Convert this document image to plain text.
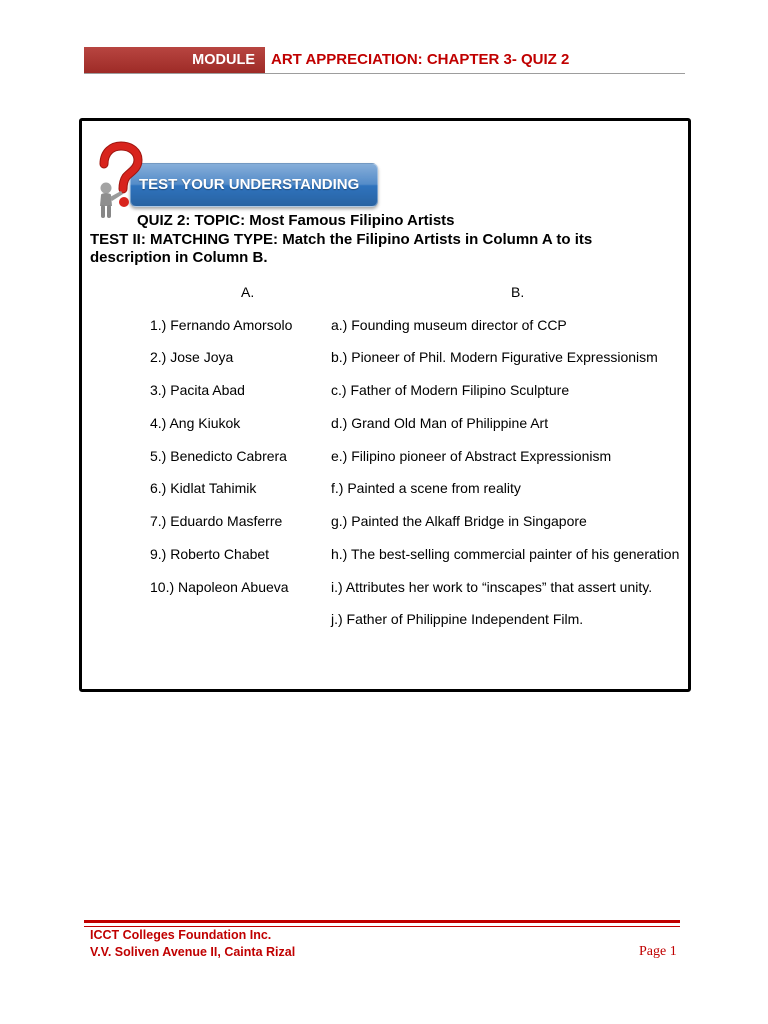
MODULE ART APPRECIATION: CHAPTER 3- QUIZ 2
TEST YOUR UNDERSTANDING
QUIZ 2: TOPIC: Most Famous Filipino Artists
TEST II: MATCHING TYPE: Match the Filipino Artists in Column A to its
description in Column B.
A.	B.
1.) Fernando Amorsolo
2.) Jose Joya
3.) Pacita Abad
4.) Ang Kiukok
5.) Benedicto Cabrera
6.) Kidlat Tahimik
7.) Eduardo Masferre
9.) Roberto Chabet
10.) Napoleon Abueva
a.) Founding museum director of CCP
b.) Pioneer of Phil. Modern Figurative Expressionism
c.) Father of Modern Filipino Sculpture
d.) Grand Old Man of Philippine Art
e.) Filipino pioneer of Abstract Expressionism
f.) Painted a scene from reality
g.) Painted the Alkaff Bridge in Singapore
h.) The best-selling commercial painter of his generation
i.) Attributes her work to “inscapes” that assert unity.
j.) Father of Philippine Independent Film.
ICCT Colleges Foundation Inc.
V.V. Soliven Avenue II, Cainta Rizal	Page 1
